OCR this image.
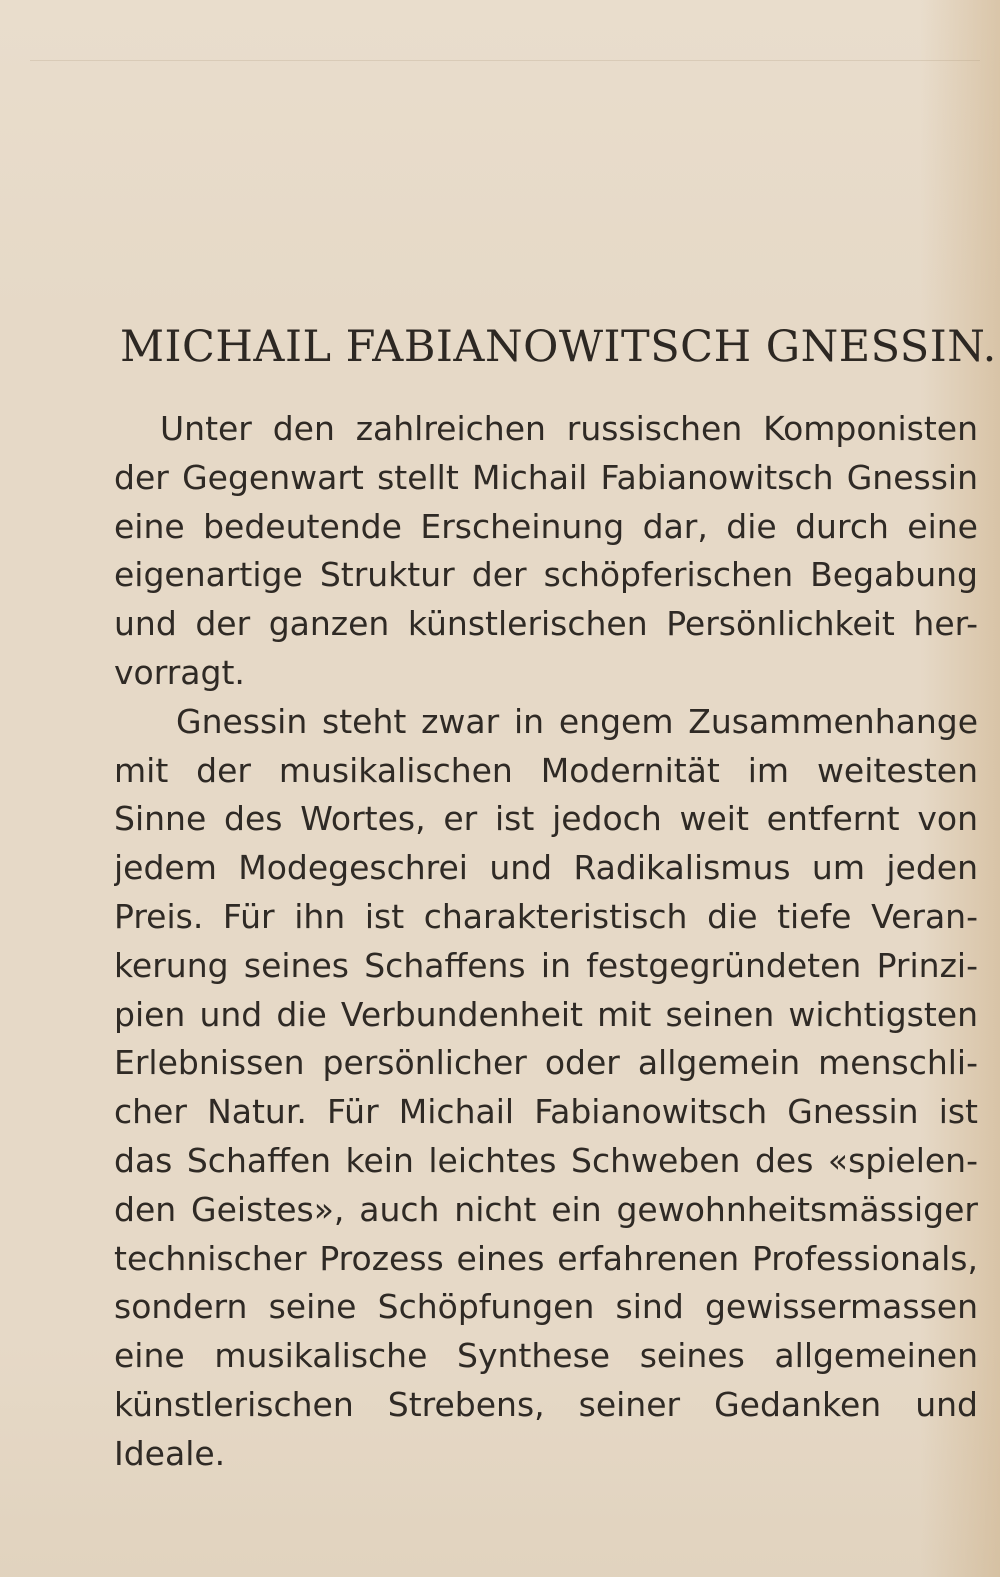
MICHAIL FABIANOWITSCH GNESSIN.
Unter den zahlreichen russischen Komponisten
der Gegenwart stellt Michail Fabianowitsch Gnessin
eine bedeutende Erscheinung dar, die durch eine
eigenartige Struktur der schöpferischen Begabung
und der ganzen künstlerischen Persönlichkeit her-
vorragt.
Gnessin steht zwar in engem Zusammenhange
mit der musikalischen Modernität im weitesten
Sinne des Wortes, er ist jedoch weit entfernt von
jedem Modegeschrei und Radikalismus um jeden
Preis. Für ihn ist charakteristisch die tiefe Veran-
kerung seines Schaffens in festgegründeten Prinzi-
pien und die Verbundenheit mit seinen wichtigsten
Erlebnissen persönlicher oder allgemein menschli-
cher Natur. Für Michail Fabianowitsch Gnessin ist
das Schaffen kein leichtes Schweben des «spielen-
den Geistes», auch nicht ein gewohnheitsmässiger
technischer Prozess eines erfahrenen Professionals,
sondern seine Schöpfungen sind gewissermassen
eine musikalische Synthese seines allgemeinen
künstlerischen Strebens, seiner Gedanken und
Ideale.
